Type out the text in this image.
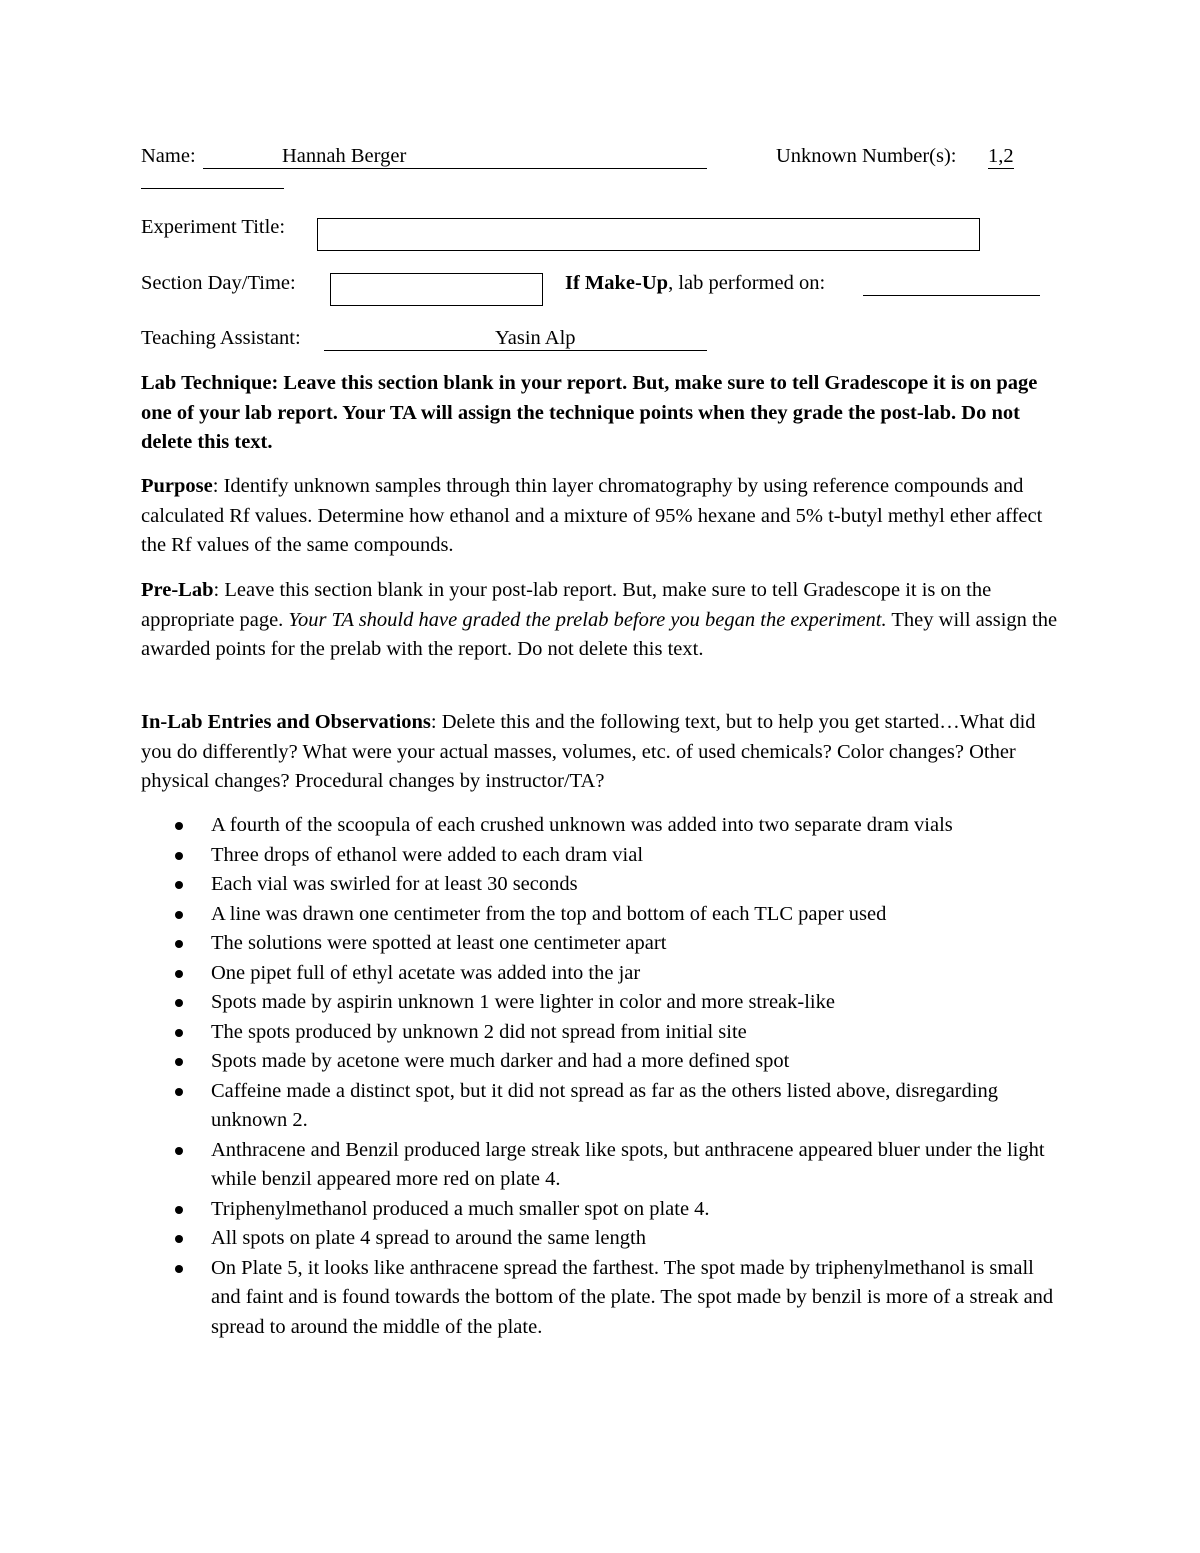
Name:	Hannah Berger	Unknown Number(s): 1,2
Experiment Title:
Section Day/Time:	If Make-Up, lab performed on:
Teaching Assistant:	Yasin Alp
Lab Technique: Leave this section blank in your report. But, make sure to tell Gradescope it is on page one of your lab report. Your TA will assign the technique points when they grade the post-lab. Do not delete this text.
Purpose: Identify unknown samples through thin layer chromatography by using reference compounds and calculated Rf values. Determine how ethanol and a mixture of 95% hexane and 5% t-butyl methyl ether affect the Rf values of the same compounds.
Pre-Lab: Leave this section blank in your post-lab report. But, make sure to tell Gradescope it is on the appropriate page. Your TA should have graded the prelab before you began the experiment. They will assign the awarded points for the prelab with the report. Do not delete this text.
In-Lab Entries and Observations: Delete this and the following text, but to help you get started…What did you do differently? What were your actual masses, volumes, etc. of used chemicals? Color changes? Other physical changes? Procedural changes by instructor/TA?
A fourth of the scoopula of each crushed unknown was added into two separate dram vials
Three drops of ethanol were added to each dram vial
Each vial was swirled for at least 30 seconds
A line was drawn one centimeter from the top and bottom of each TLC paper used
The solutions were spotted at least one centimeter apart
One pipet full of ethyl acetate was added into the jar
Spots made by aspirin unknown 1 were lighter in color and more streak-like
The spots produced by unknown 2 did not spread from initial site
Spots made by acetone were much darker and had a more defined spot
Caffeine made a distinct spot, but it did not spread as far as the others listed above, disregarding unknown 2.
Anthracene and Benzil produced large streak like spots, but anthracene appeared bluer under the light while benzil appeared more red on plate 4.
Triphenylmethanol produced a much smaller spot on plate 4.
All spots on plate 4 spread to around the same length
On Plate 5, it looks like anthracene spread the farthest. The spot made by triphenylmethanol is small and faint and is found towards the bottom of the plate. The spot made by benzil is more of a streak and spread to around the middle of the plate.
